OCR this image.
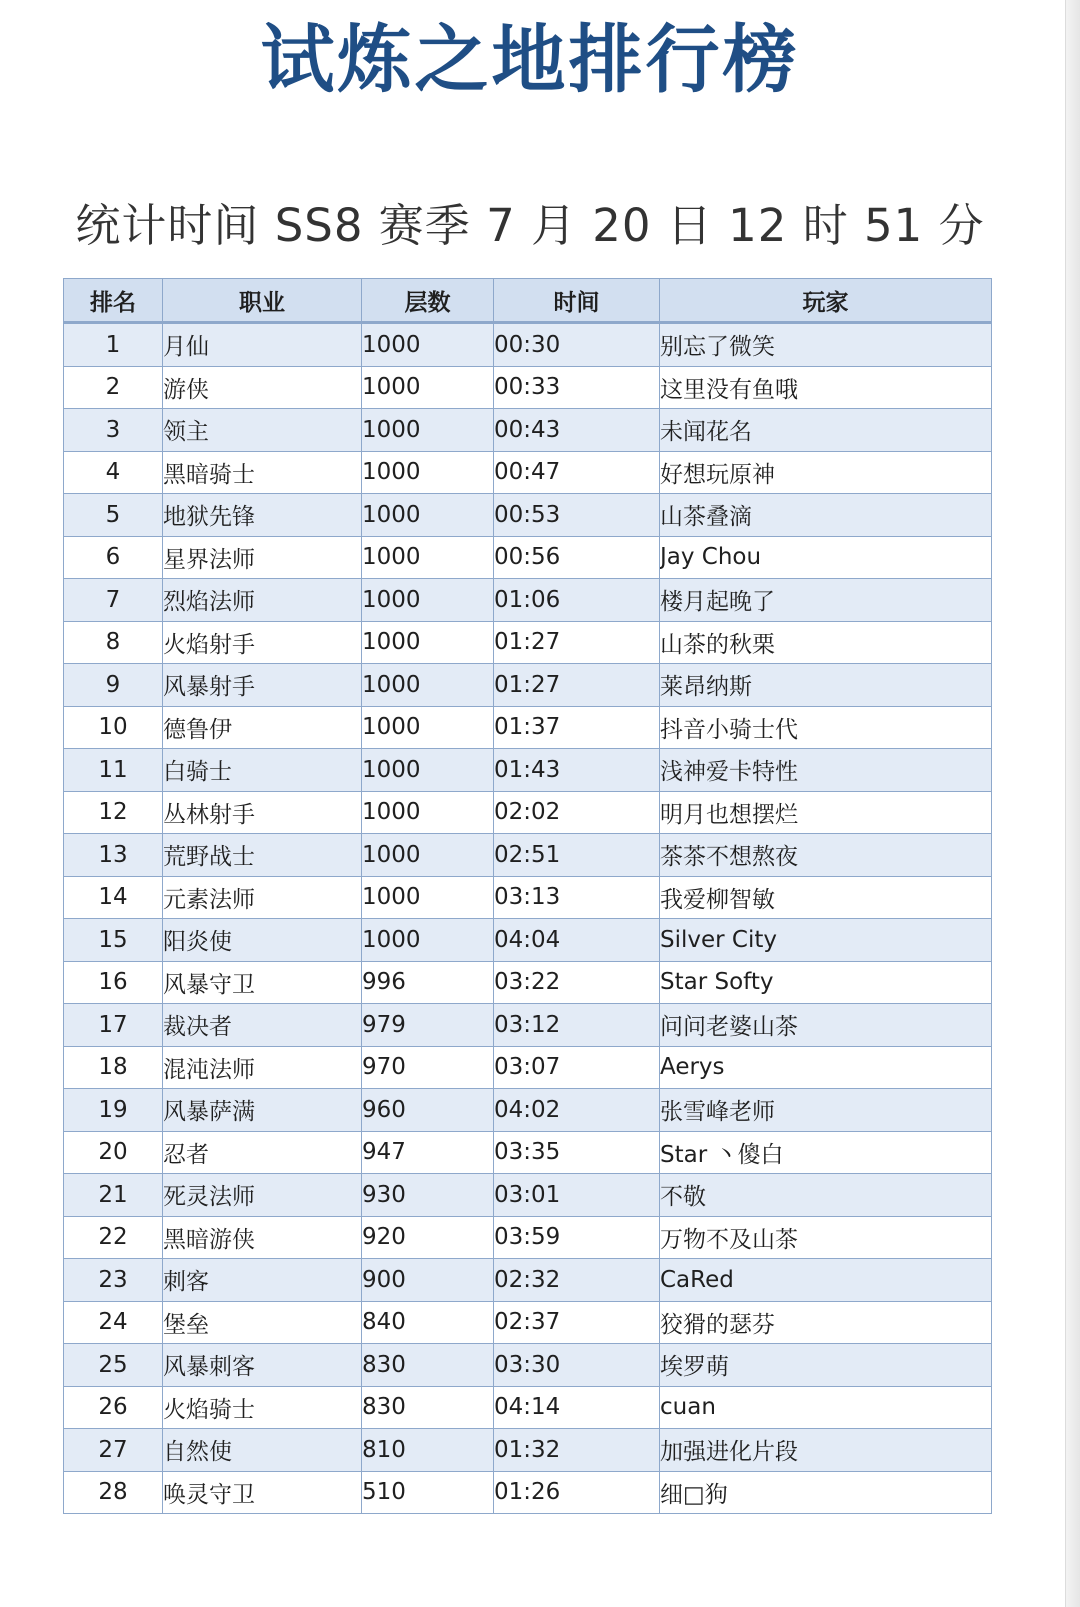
试炼之地排行榜
统计时间 SS8 赛季 7 月 20 日 12 时 51 分
排名	职业	层数	时间	玩家
1	月仙	1000	00:30	别忘了微笑
2	游侠	1000	00:33	这里没有鱼哦
3	领主	1000	00:43	未闻花名
4	黑暗骑士	1000	00:47	好想玩原神
5	地狱先锋	1000	00:53	山茶叠滴
6	星界法师	1000	00:56	Jay Chou
7	烈焰法师	1000	01:06	楼月起晚了
8	火焰射手	1000	01:27	山茶的秋栗
9	风暴射手	1000	01:27	莱昂纳斯
10	德鲁伊	1000	01:37	抖音小骑士代
11	白骑士	1000	01:43	浅神爱卡特性
12	丛林射手	1000	02:02	明月也想摆烂
13	荒野战士	1000	02:51	茶茶不想熬夜
14	元素法师	1000	03:13	我爱柳智敏
15	阳炎使	1000	04:04	Silver City
16	风暴守卫	996	03:22	Star Softy
17	裁决者	979	03:12	问问老婆山茶
18	混沌法师	970	03:07	Aerys
19	风暴萨满	960	04:02	张雪峰老师
20	忍者	947	03:35	Star 丶傻白
21	死灵法师	930	03:01	不敬
22	黑暗游侠	920	03:59	万物不及山茶
23	刺客	900	02:32	CaRed
24	堡垒	840	02:37	狡猾的瑟芬
25	风暴刺客	830	03:30	埃罗萌
26	火焰骑士	830	04:14	cuan
27	自然使	810	01:32	加强进化片段
28	唤灵守卫	510	01:26	细□狗
